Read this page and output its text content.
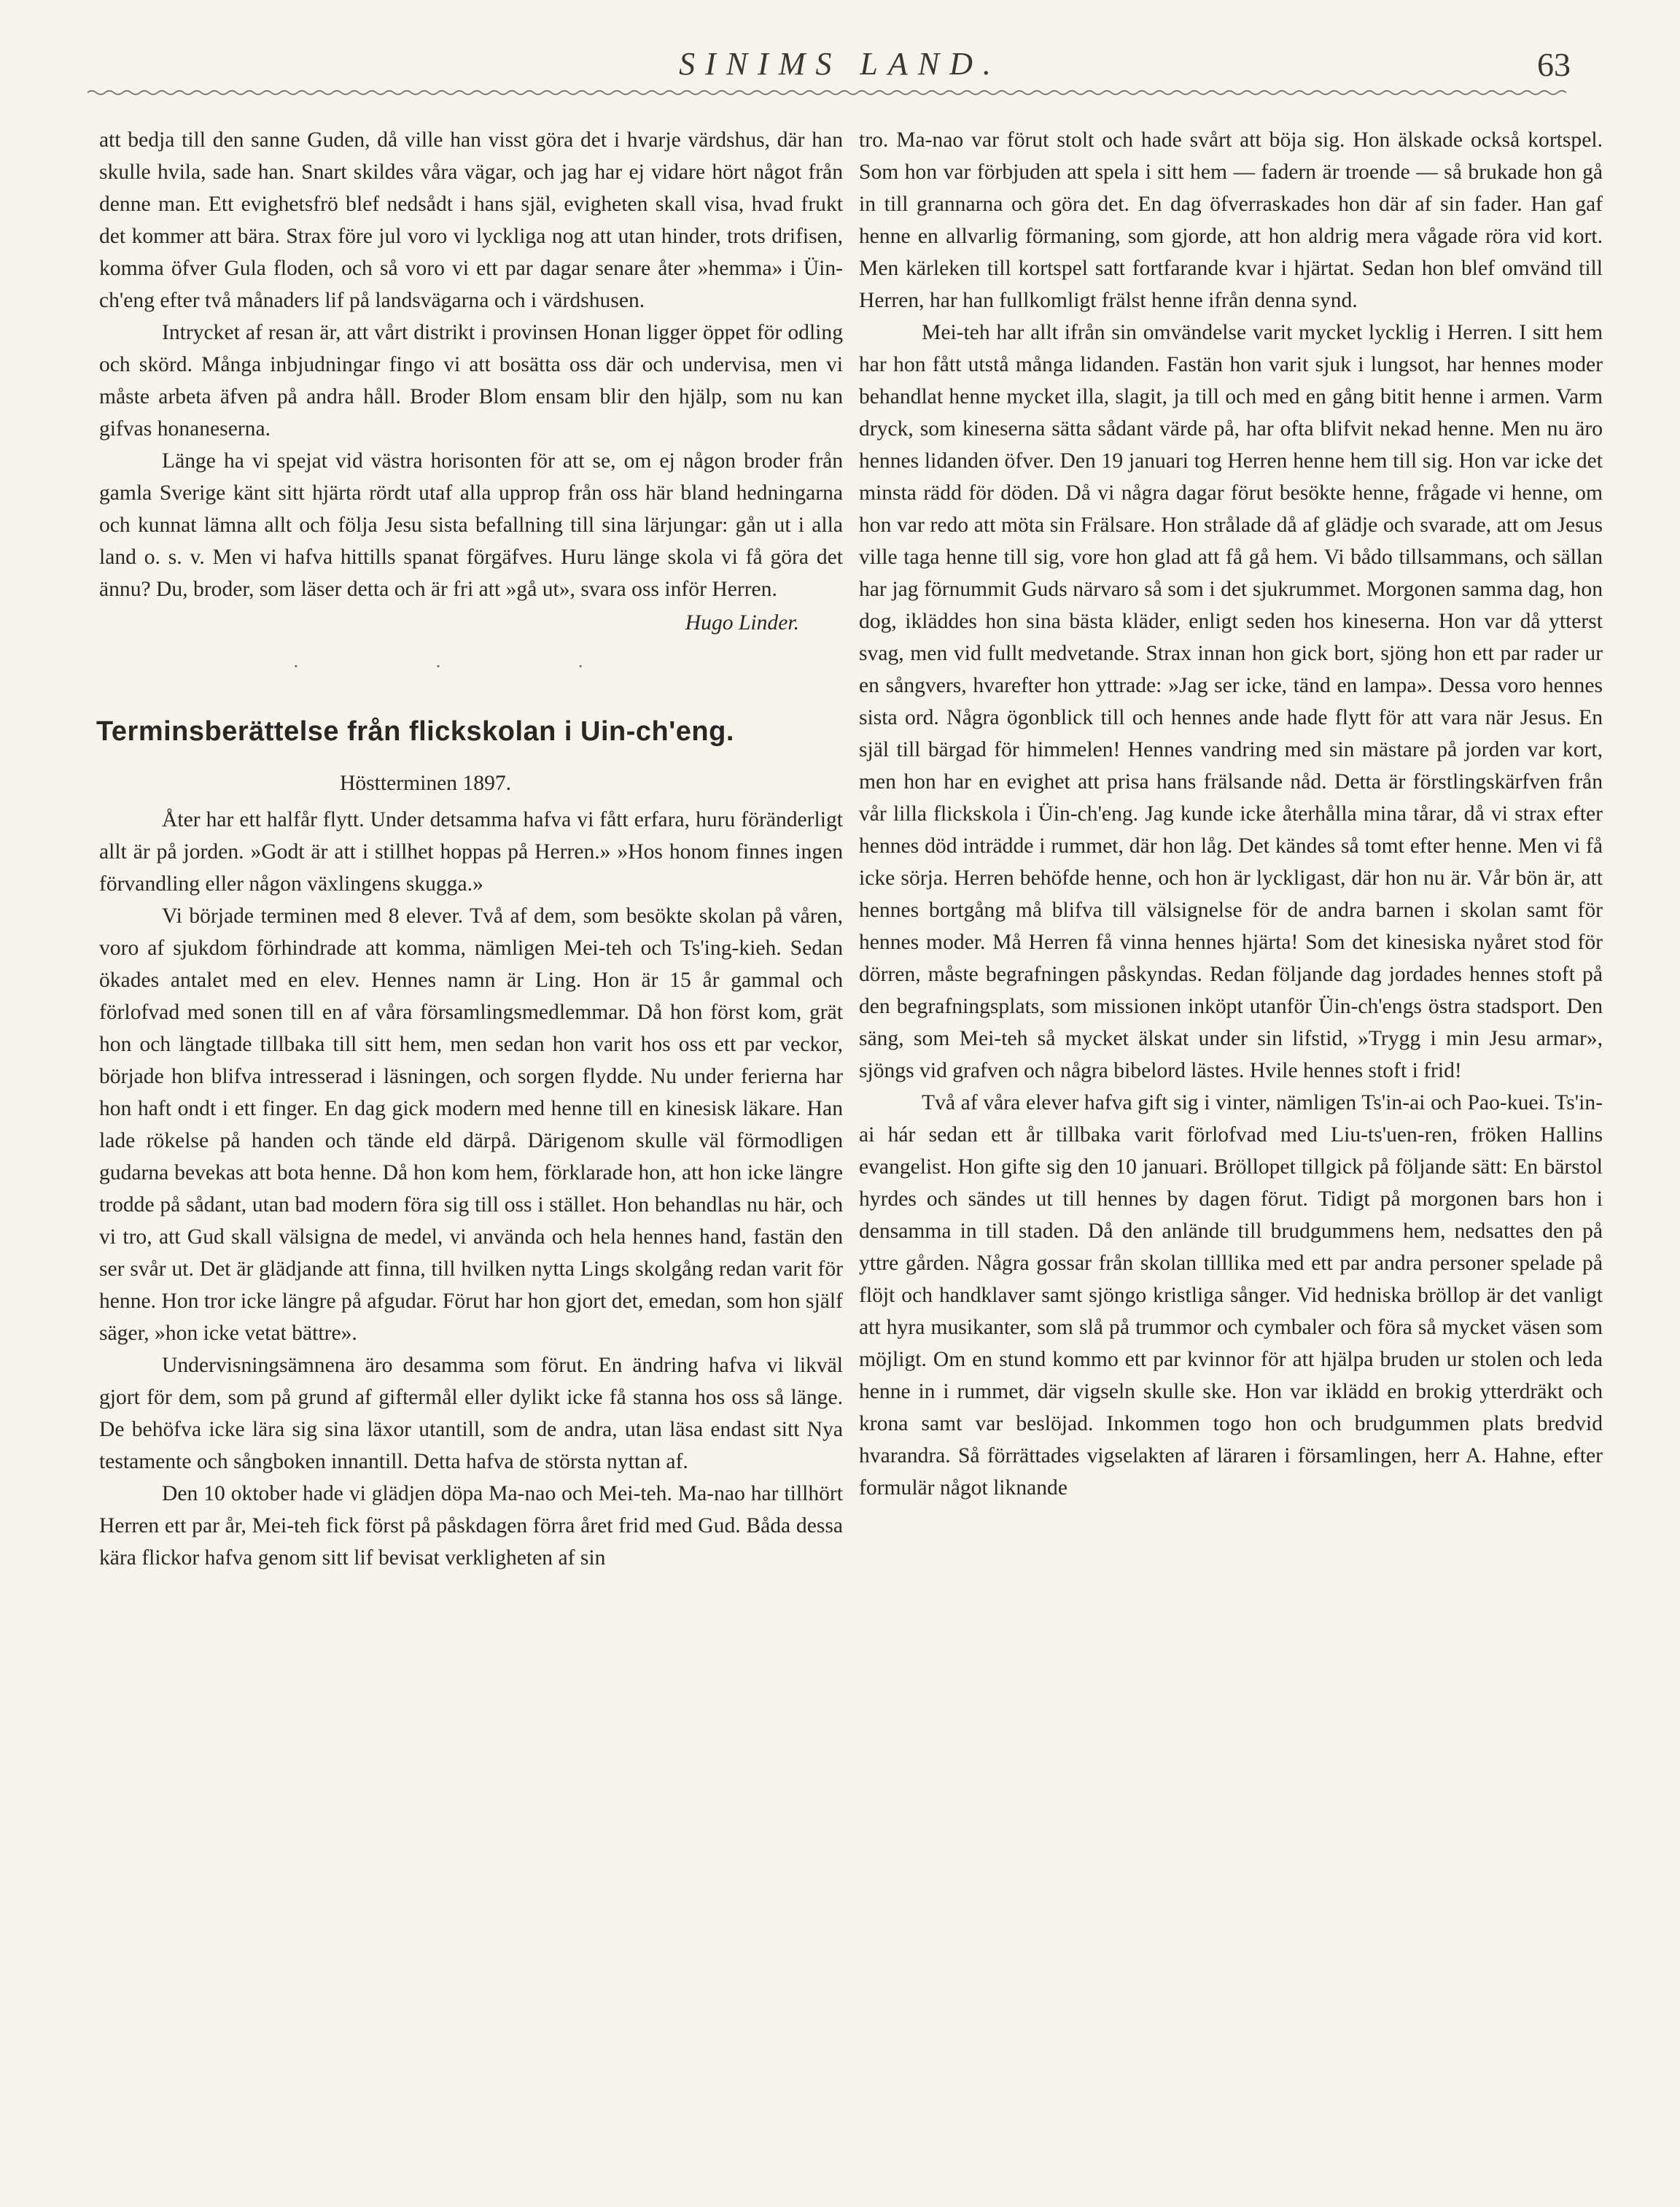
SINIMS LAND.	63

att bedja till den sanne Guden, då ville han visst göra det i hvarje värdshus, där han skulle hvila, sade han. Snart skildes våra vägar, och jag har ej vidare hört något från denne man. Ett evighetsfrö blef nedsådt i hans själ, evigheten skall visa, hvad frukt det kommer att bära. Strax före jul voro vi lyckliga nog att utan hinder, trots drifisen, komma öfver Gula floden, och så voro vi ett par dagar senare åter »hemma» i Üin-ch'eng efter två månaders lif på landsvägarna och i värdshusen.

Intrycket af resan är, att vårt distrikt i provinsen Honan ligger öppet för odling och skörd. Många inbjudningar fingo vi att bosätta oss där och undervisa, men vi måste arbeta äfven på andra håll. Broder Blom ensam blir den hjälp, som nu kan gifvas honaneserna.

Länge ha vi spejat vid västra horisonten för att se, om ej någon broder från gamla Sverige känt sitt hjärta rördt utaf alla upprop från oss här bland hedningarna och kunnat lämna allt och följa Jesu sista befallning till sina lärjungar: gån ut i alla land o. s. v. Men vi hafva hittills spanat förgäfves. Huru länge skola vi få göra det ännu? Du, broder, som läser detta och är fri att »gå ut», svara oss inför Herren.

Hugo Linder.
· · ·
Terminsberättelse från flickskolan i Uin-ch'eng.
Höstterminen 1897.

Åter har ett halfår flytt. Under detsamma hafva vi fått erfara, huru föränderligt allt är på jorden. »Godt är att i stillhet hoppas på Herren.» »Hos honom finnes ingen förvandling eller någon växlingens skugga.»

Vi började terminen med 8 elever. Två af dem, som besökte skolan på våren, voro af sjukdom förhindrade att komma, nämligen Mei-teh och Ts'ing-kieh. Sedan ökades antalet med en elev. Hennes namn är Ling. Hon är 15 år gammal och förlofvad med sonen till en af våra församlingsmedlemmar. Då hon först kom, grät hon och längtade tillbaka till sitt hem, men sedan hon varit hos oss ett par veckor, började hon blifva intresserad i läsningen, och sorgen flydde. Nu under ferierna har hon haft ondt i ett finger. En dag gick modern med henne till en kinesisk läkare. Han lade rökelse på handen och tände eld därpå. Därigenom skulle väl förmodligen gudarna bevekas att bota henne. Då hon kom hem, förklarade hon, att hon icke längre trodde på sådant, utan bad modern föra sig till oss i stället. Hon behandlas nu här, och vi tro, att Gud skall välsigna de medel, vi använda och hela hennes hand, fastän den ser svår ut. Det är glädjande att finna, till hvilken nytta Lings skolgång redan varit för henne. Hon tror icke längre på afgudar. Förut har hon gjort det, emedan, som hon själf säger, »hon icke vetat bättre».

Undervisningsämnena äro desamma som förut. En ändring hafva vi likväl gjort för dem, som på grund af giftermål eller dylikt icke få stanna hos oss så länge. De behöfva icke lära sig sina läxor utantill, som de andra, utan läsa endast sitt Nya testamente och sångboken innantill. Detta hafva de största nyttan af.

Den 10 oktober hade vi glädjen döpa Ma-nao och Mei-teh. Ma-nao har tillhört Herren ett par år, Mei-teh fick först på påskdagen förra året frid med Gud. Båda dessa kära flickor hafva genom sitt lif bevisat verkligheten af sin

tro. Ma-nao var förut stolt och hade svårt att böja sig. Hon älskade också kortspel. Som hon var förbjuden att spela i sitt hem — fadern är troende — så brukade hon gå in till grannarna och göra det. En dag öfverraskades hon där af sin fader. Han gaf henne en allvarlig förmaning, som gjorde, att hon aldrig mera vågade röra vid kort. Men kärleken till kortspel satt fortfarande kvar i hjärtat. Sedan hon blef omvänd till Herren, har han fullkomligt frälst henne ifrån denna synd.

Mei-teh har allt ifrån sin omvändelse varit mycket lycklig i Herren. I sitt hem har hon fått utstå många lidanden. Fastän hon varit sjuk i lungsot, har hennes moder behandlat henne mycket illa, slagit, ja till och med en gång bitit henne i armen. Varm dryck, som kineserna sätta sådant värde på, har ofta blifvit nekad henne. Men nu äro hennes lidanden öfver. Den 19 januari tog Herren henne hem till sig. Hon var icke det minsta rädd för döden. Då vi några dagar förut besökte henne, frågade vi henne, om hon var redo att möta sin Frälsare. Hon strålade då af glädje och svarade, att om Jesus ville taga henne till sig, vore hon glad att få gå hem. Vi bådo tillsammans, och sällan har jag förnummit Guds närvaro så som i det sjukrummet. Morgonen samma dag, hon dog, ikläddes hon sina bästa kläder, enligt seden hos kineserna. Hon var då ytterst svag, men vid fullt medvetande. Strax innan hon gick bort, sjöng hon ett par rader ur en sångvers, hvarefter hon yttrade: »Jag ser icke, tänd en lampa». Dessa voro hennes sista ord. Några ögonblick till och hennes ande hade flytt för att vara när Jesus. En själ till bärgad för himmelen! Hennes vandring med sin mästare på jorden var kort, men hon har en evighet att prisa hans frälsande nåd. Detta är förstlingskärfven från vår lilla flickskola i Üin-ch'eng. Jag kunde icke återhålla mina tårar, då vi strax efter hennes död inträdde i rummet, där hon låg. Det kändes så tomt efter henne. Men vi få icke sörja. Herren behöfde henne, och hon är lyckligast, där hon nu är. Vår bön är, att hennes bortgång må blifva till välsignelse för de andra barnen i skolan samt för hennes moder. Må Herren få vinna hennes hjärta! Som det kinesiska nyåret stod för dörren, måste begrafningen påskyndas. Redan följande dag jordades hennes stoft på den begrafningsplats, som missionen inköpt utanför Üin-ch'engs östra stadsport. Den säng, som Mei-teh så mycket älskat under sin lifstid, »Trygg i min Jesu armar», sjöngs vid grafven och några bibelord lästes. Hvile hennes stoft i frid!

Två af våra elever hafva gift sig i vinter, nämligen Ts'in-ai och Pao-kuei. Ts'in-ai hár sedan ett år tillbaka varit förlofvad med Liu-ts'uen-ren, fröken Hallins evangelist. Hon gifte sig den 10 januari. Bröllopet tillgick på följande sätt: En bärstol hyrdes och sändes ut till hennes by dagen förut. Tidigt på morgonen bars hon i densamma in till staden. Då den anlände till brudgummens hem, nedsattes den på yttre gården. Några gossar från skolan tilllika med ett par andra personer spelade på flöjt och handklaver samt sjöngo kristliga sånger. Vid hedniska bröllop är det vanligt att hyra musikanter, som slå på trummor och cymbaler och föra så mycket väsen som möjligt. Om en stund kommo ett par kvinnor för att hjälpa bruden ur stolen och leda henne in i rummet, där vigseln skulle ske. Hon var iklädd en brokig ytterdräkt och krona samt var beslöjad. Inkommen togo hon och brudgummen plats bredvid hvarandra. Så förrättades vigselakten af läraren i församlingen, herr A. Hahne, efter formulär något liknande
